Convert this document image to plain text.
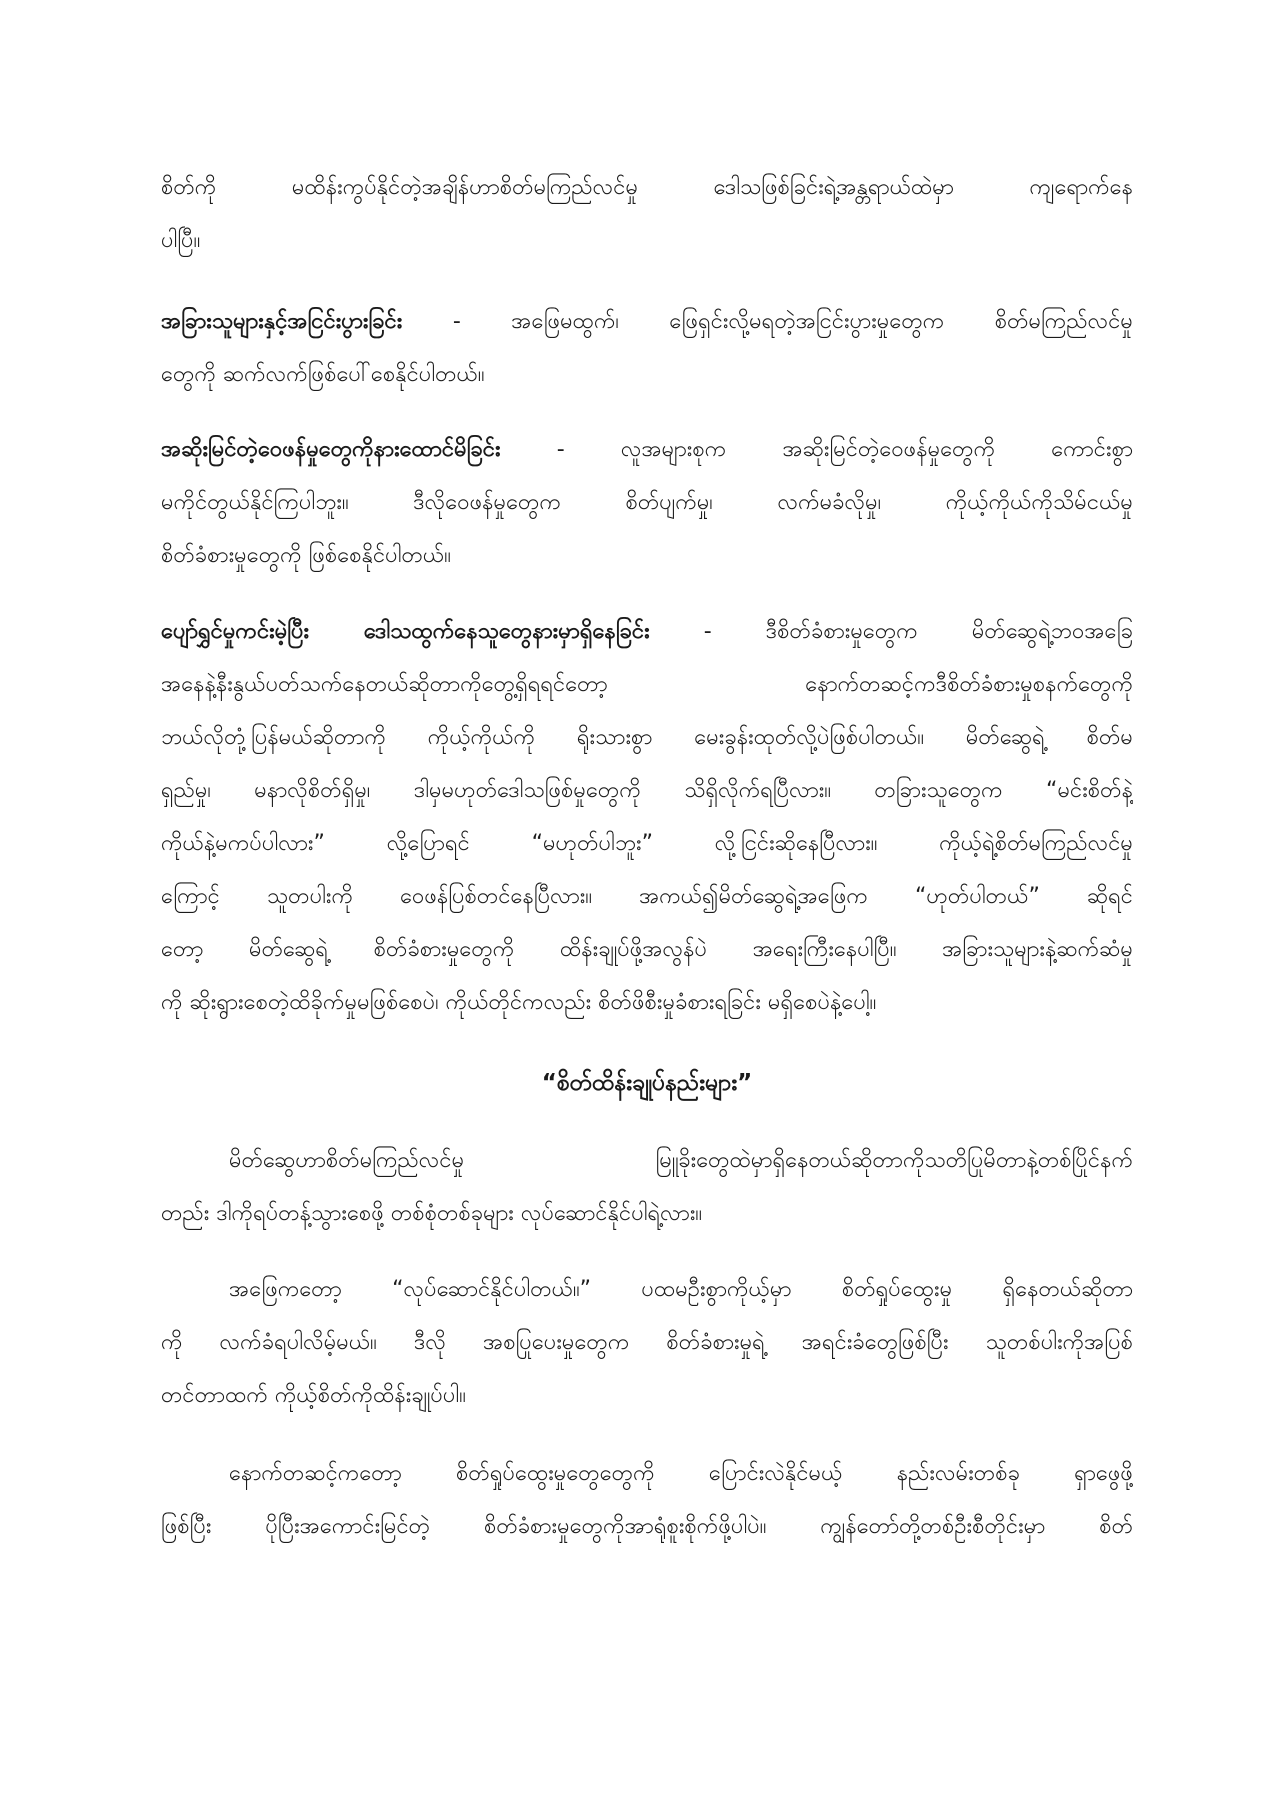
စိတ်ကို မထိန်းကွပ်နိုင်တဲ့အချိန်ဟာစိတ်မကြည်လင်မှု ဒေါသဖြစ်ခြင်းရဲ့အန္တရာယ်ထဲမှာ ကျရောက်နေ
ပါပြီ။
အခြားသူများနှင့်အငြင်းပွားခြင်း - အဖြေမထွက်၊ ဖြေရှင်းလို့မရတဲ့အငြင်းပွားမှုတွေက စိတ်မကြည်လင်မှု
တွေကို ဆက်လက်ဖြစ်ပေါ်စေနိုင်ပါတယ်။
အဆိုးမြင်တဲ့ဝေဖန်မှုတွေကိုနားထောင်မိခြင်း	- လူအများစုက အဆိုးမြင်တဲ့ဝေဖန်မှုတွေကို ကောင်းစွာ
မကိုင်တွယ်နိုင်ကြပါဘူး။ ဒီလိုဝေဖန်မှုတွေက စိတ်ပျက်မှု၊ လက်မခံလိုမှု၊ ကိုယ့်ကိုယ်ကိုသိမ်ငယ်မှု
စိတ်ခံစားမှုတွေကို ဖြစ်စေနိုင်ပါတယ်။
ပျော်ရွှင်မှုကင်းမဲ့ပြီး ဒေါသထွက်နေသူတွေနားမှာရှိနေခြင်း - ဒီစိတ်ခံစားမှုတွေက မိတ်ဆွေရဲ့ဘဝအခြေ
အနေနဲ့နီးနွယ်ပတ်သက်နေတယ်ဆိုတာကိုတွေ့ရှိရရင်တော့ နောက်တဆင့်ကဒီစိတ်ခံစားမှုစနက်တွေကို
ဘယ်လိုတုံ့ပြန်မယ်ဆိုတာကို ကိုယ့်ကိုယ်ကို ရိုးသားစွာ မေးခွန်းထုတ်လို့ပဲဖြစ်ပါတယ်။ မိတ်ဆွေရဲ့ စိတ်မ
ရှည်မှု၊ မနာလိုစိတ်ရှိမှု၊ ဒါမှမဟုတ်ဒေါသဖြစ်မှုတွေကို သိရှိလိုက်ရပြီလား။ တခြားသူတွေက “မင်းစိတ်နဲ့
ကိုယ်နဲ့မကပ်ပါလား” လို့ပြောရင် “မဟုတ်ပါဘူး” လို့ငြင်းဆိုနေပြီလား။ ကိုယ့်ရဲ့စိတ်မကြည်လင်မှု
ကြောင့် သူတပါးကို ဝေဖန်ပြစ်တင်နေပြီလား။ အကယ်၍မိတ်ဆွေရဲ့အဖြေက “ဟုတ်ပါတယ်” ဆိုရင်
တော့ မိတ်ဆွေရဲ့ စိတ်ခံစားမှုတွေကို ထိန်းချုပ်ဖို့အလွန်ပဲ အရေးကြီးနေပါပြီ။ အခြားသူများနဲ့ဆက်ဆံမှု
ကို ဆိုးရွားစေတဲ့ထိခိုက်မှုမဖြစ်စေပဲ၊ ကိုယ်တိုင်ကလည်း စိတ်ဖိစီးမှုခံစားရခြင်း မရှိစေပဲနဲ့ပေါ့။
“စိတ်ထိန်းချုပ်နည်းများ”
မိတ်ဆွေဟာစိတ်မကြည်လင်မှု မြူခိုးတွေထဲမှာရှိနေတယ်ဆိုတာကိုသတိပြုမိတာနဲ့တစ်ပြိုင်နက်
တည်း ဒါကိုရပ်တန့်သွားစေဖို့ တစ်စုံတစ်ခုများ လုပ်ဆောင်နိုင်ပါရဲ့လား။
အဖြေကတော့ “လုပ်ဆောင်နိုင်ပါတယ်။” ပထမဦးစွာကိုယ့်မှာ စိတ်ရှုပ်ထွေးမှု ရှိနေတယ်ဆိုတာ
ကို လက်ခံရပါလိမ့်မယ်။ ဒီလို အစပြုပေးမှုတွေက စိတ်ခံစားမှုရဲ့ အရင်းခံတွေဖြစ်ပြီး သူတစ်ပါးကိုအပြစ်
တင်တာထက် ကိုယ့်စိတ်ကိုထိန်းချုပ်ပါ။
နောက်တဆင့်ကတော့ စိတ်ရှုပ်ထွေးမှုတွေတွေကို ပြောင်းလဲနိုင်မယ့် နည်းလမ်းတစ်ခု ရှာဖွေဖို့
ဖြစ်ပြီး ပိုပြီးအကောင်းမြင်တဲ့ စိတ်ခံစားမှုတွေကိုအာရုံစူးစိုက်ဖို့ပါပဲ။ ကျွန်တော်တို့တစ်ဦးစီတိုင်းမှာ စိတ်
